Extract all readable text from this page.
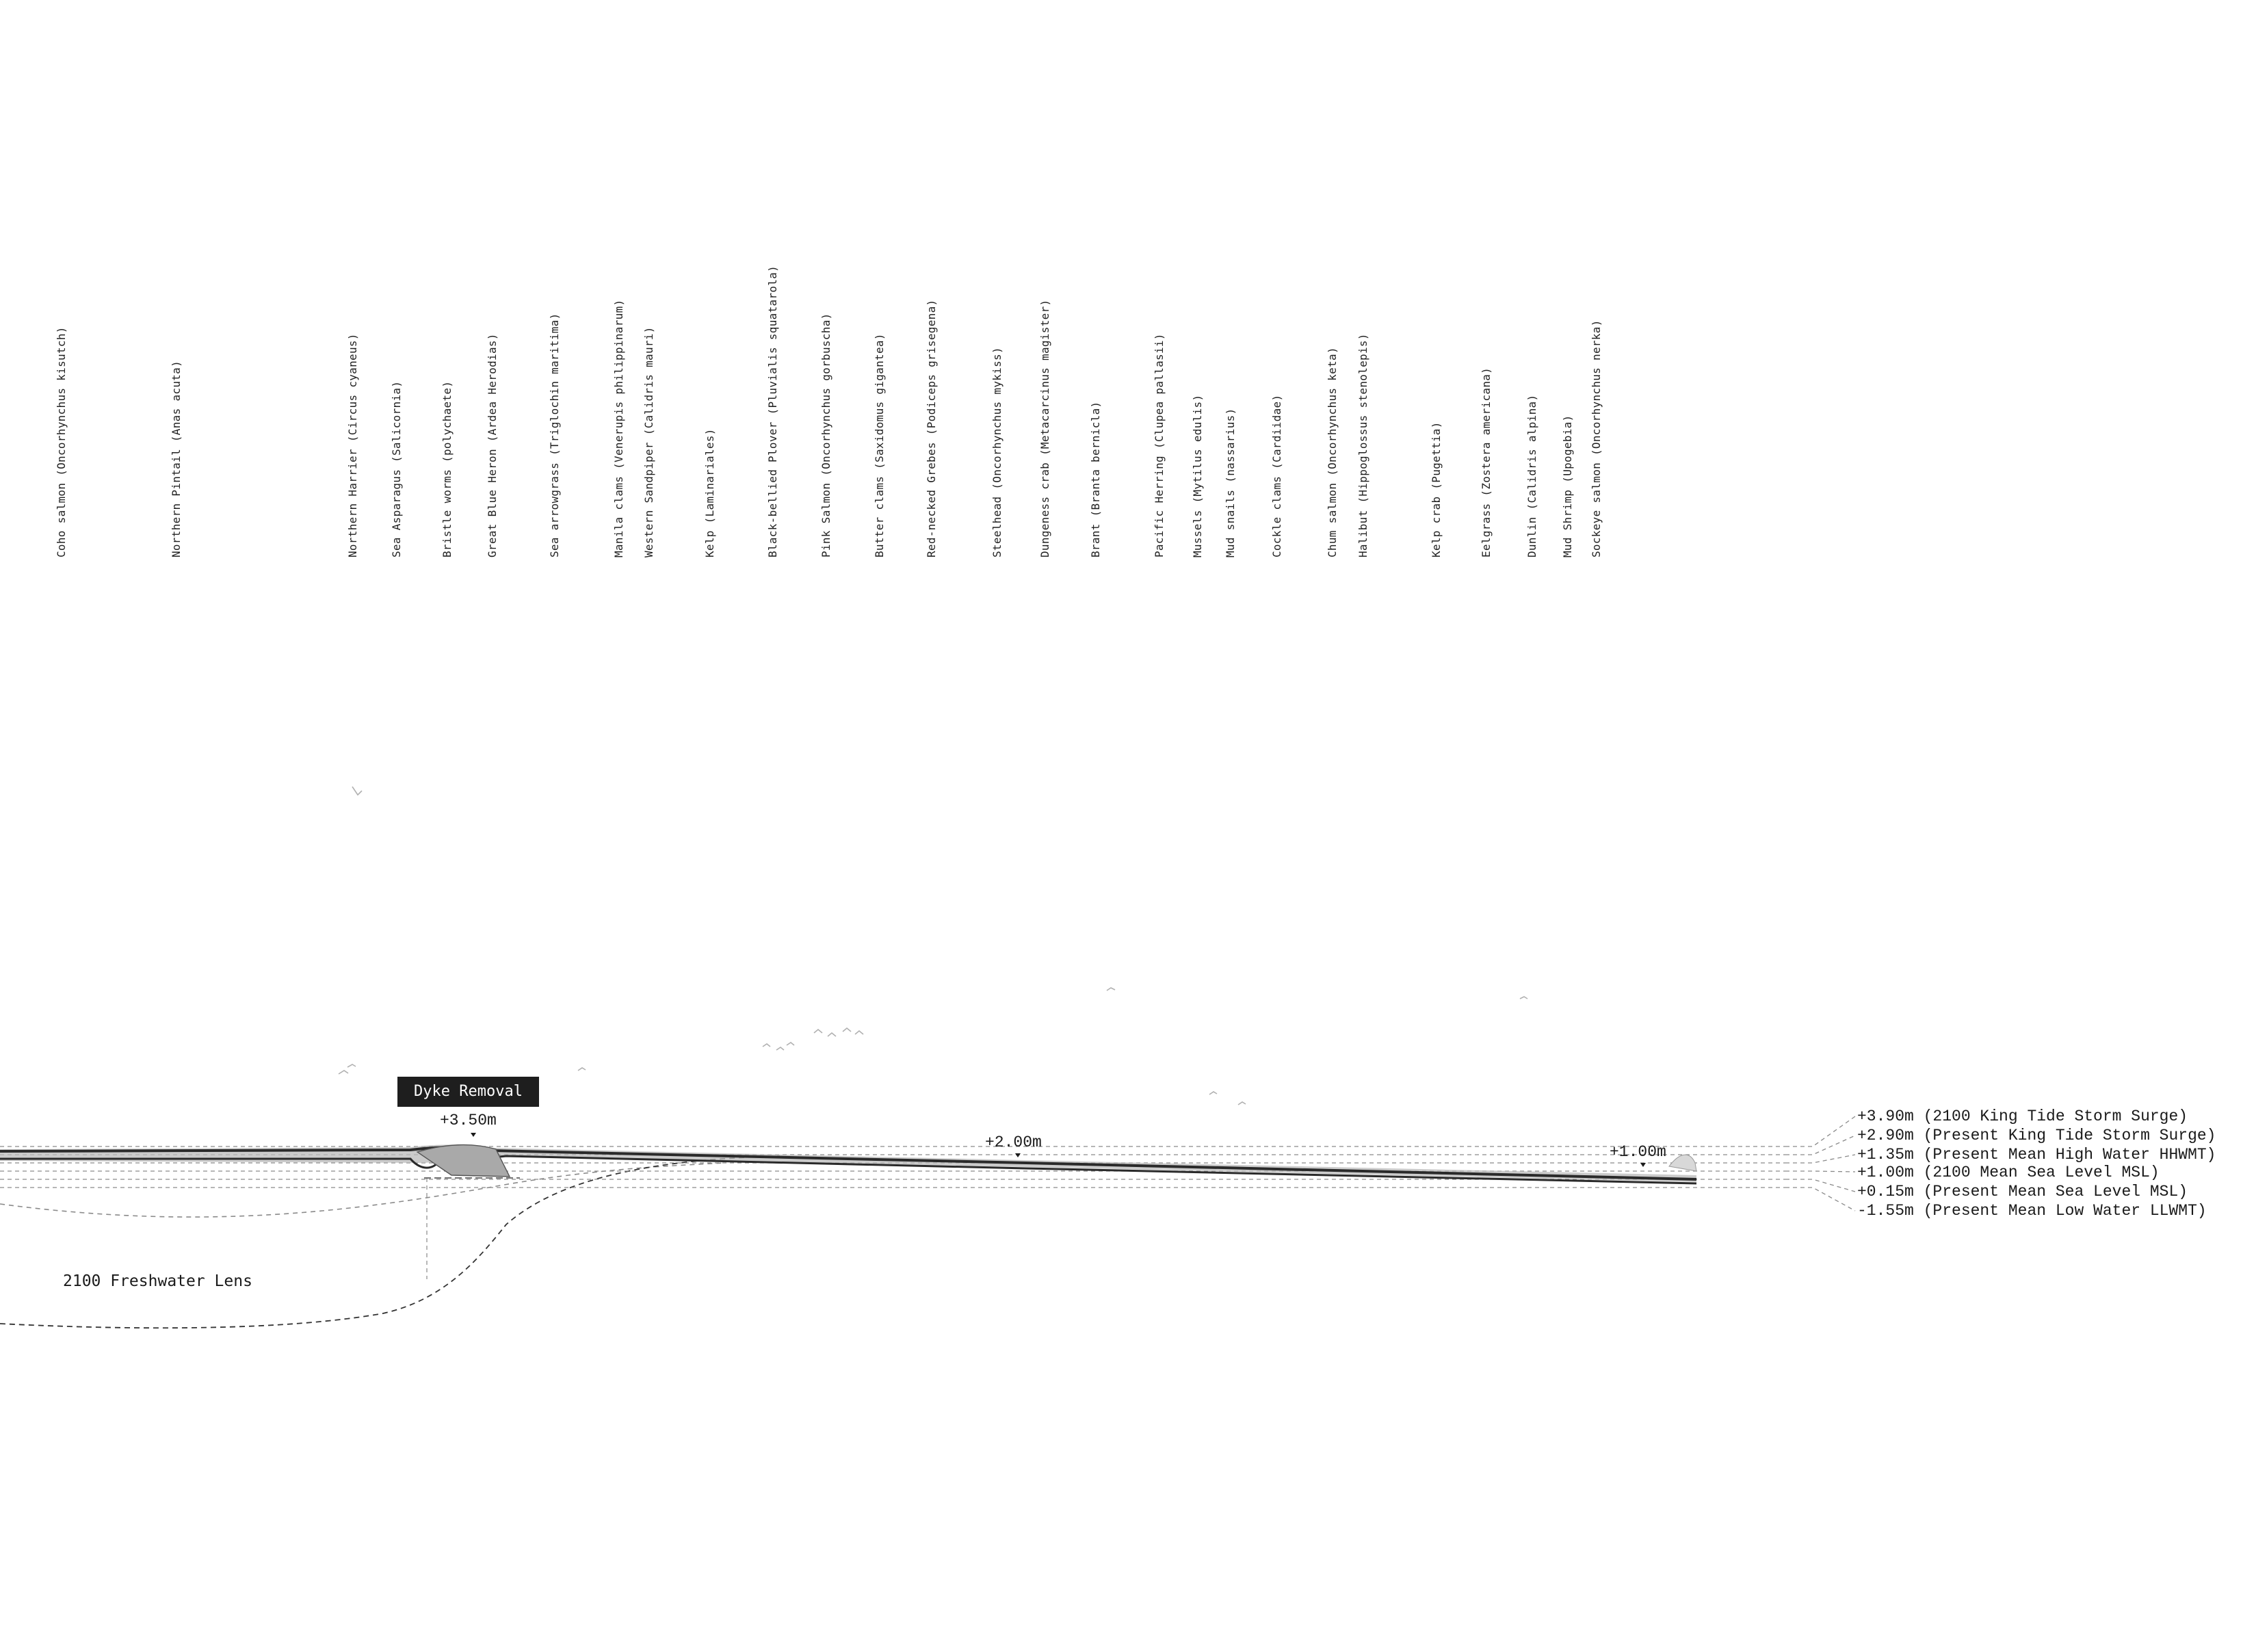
Coho salmon (Oncorhynchus kisutch)	Northern Pintail (Anas acuta)	Northern Harrier (Circus cyaneus)	Sea Asparagus (Salicornia)	Bristle worms (polychaete)	Great Blue Heron (Ardea Herodias)	Sea arrowgrass (Triglochin maritima)	Manila clams (Venerupis philippinarum) Western Sandpiper (Calidris mauri)	Kelp (Laminariales)	Black-bellied Plover (Pluvialis squatarola)	Pink Salmon (Oncorhynchus gorbuscha)	Butter clams (Saxidomus gigantea)	Red-necked Grebes (Podiceps grisegena)	Steelhead (Oncorhynchus mykiss)	Dungeness crab (Metacarcinus magister)	Brant (Branta bernicla)	Pacific Herring (Clupea pallasii) Mussels (Mytilus edulis) Mud snails (nassarius)	Cockle clams (Cardiidae)	Chum salmon (Oncorhynchus keta) Halibut (Hippoglossus stenolepis)	Kelp crab (Pugettia)	Eelgrass (Zostera americana)	Dunlin (Calidris alpina) Mud Shrimp (Upogebia) Sockeye salmon (Oncorhynchus nerka)
Dyke Removal
+3.50m
+2.00m
+1.00m
2100 Freshwater Lens
+3.90m (2100 King Tide Storm Surge)
+2.90m (Present King Tide Storm Surge)
+1.35m (Present Mean High Water HHWMT)
+1.00m (2100 Mean Sea Level MSL)
+0.15m (Present Mean Sea Level MSL)
-1.55m (Present Mean Low Water LLWMT)
